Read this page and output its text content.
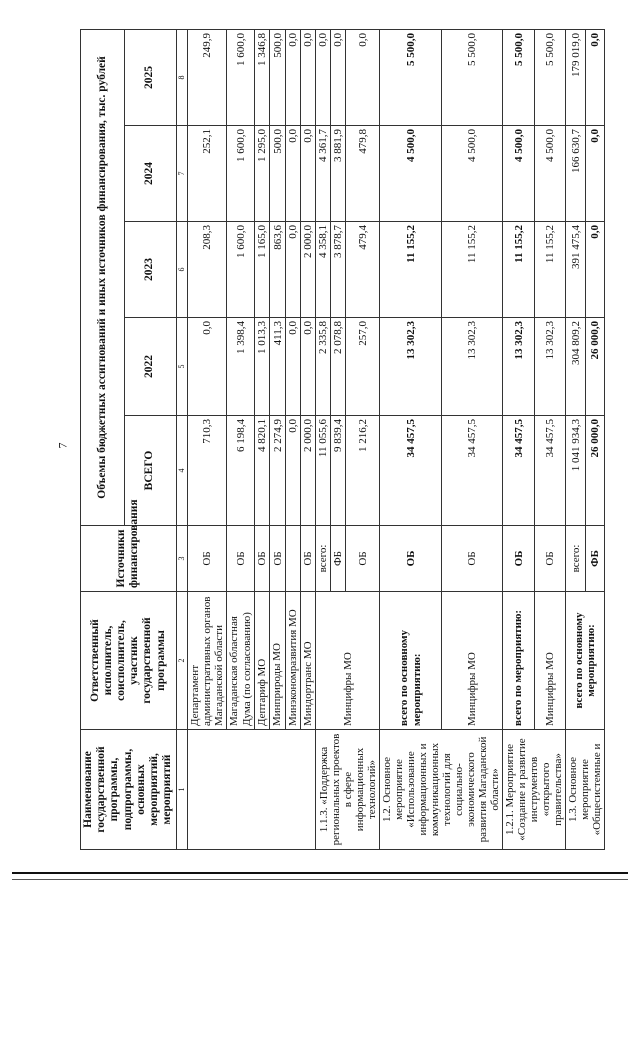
7
Наименование государственной программы, подпрограммы, основных мероприятий, мероприятий	Ответственный исполнитель, соисполнитель, участник государственной программы	Источники финансирования	Объемы бюджетных ассигнований и иных источников финансирования, тыс. рублей				
			ВСЕГО	2022	2023	2024	2025
1	2	3	4	5	6	7	8
	Департамент административных органов Магаданской области	ОБ	710,3	0,0	208,3	252,1	249,9
	Магаданская областная Дума (по согласованию)	ОБ	6 198,4	1 398,4	1 600,0	1 600,0	1 600,0
	Дептариф МО	ОБ	4 820,1	1 013,3	1 165,0	1 295,0	1 346,8
	Минприроды МО	ОБ	2 274,9	411,3	863,6	500,0	500,0
	Минэкономразвития МО		0,0	0,0	0,0	0,0	0,0
	Миндортранс МО	ОБ	2 000,0	0,0	2 000,0	0,0	0,0
1.1.3. «Поддержка региональных проектов в сфере информационных технологий»	Минцифры МО	всего:	11 055,6	2 335,8	4 358,1	4 361,7	0,0
		ФБ	9 839,4	2 078,8	3 878,7	3 881,9	0,0
		ОБ	1 216,2	257,0	479,4	479,8	0,0
1.2. Основное мероприятие «Использование информационных и коммуникационных технологий для социально-экономического развития Магаданской области»	всего по основному мероприятию:	ОБ	34 457,5	13 302,3	11 155,2	4 500,0	5 500,0
	Минцифры МО	ОБ	34 457,5	13 302,3	11 155,2	4 500,0	5 500,0
1.2.1. Мероприятие «Создание и развитие инструментов «открытого правительства»	всего по мероприятию:	ОБ	34 457,5	13 302,3	11 155,2	4 500,0	5 500,0
	Минцифры МО	ОБ	34 457,5	13 302,3	11 155,2	4 500,0	5 500,0
1.3. Основное мероприятие «Общесистемные и	всего по основному мероприятию:	всего:	1 041 934,3	304 809,2	391 475,4	166 630,7	179 019,0
		ФБ	26 000,0	26 000,0	0,0	0,0	0,0
